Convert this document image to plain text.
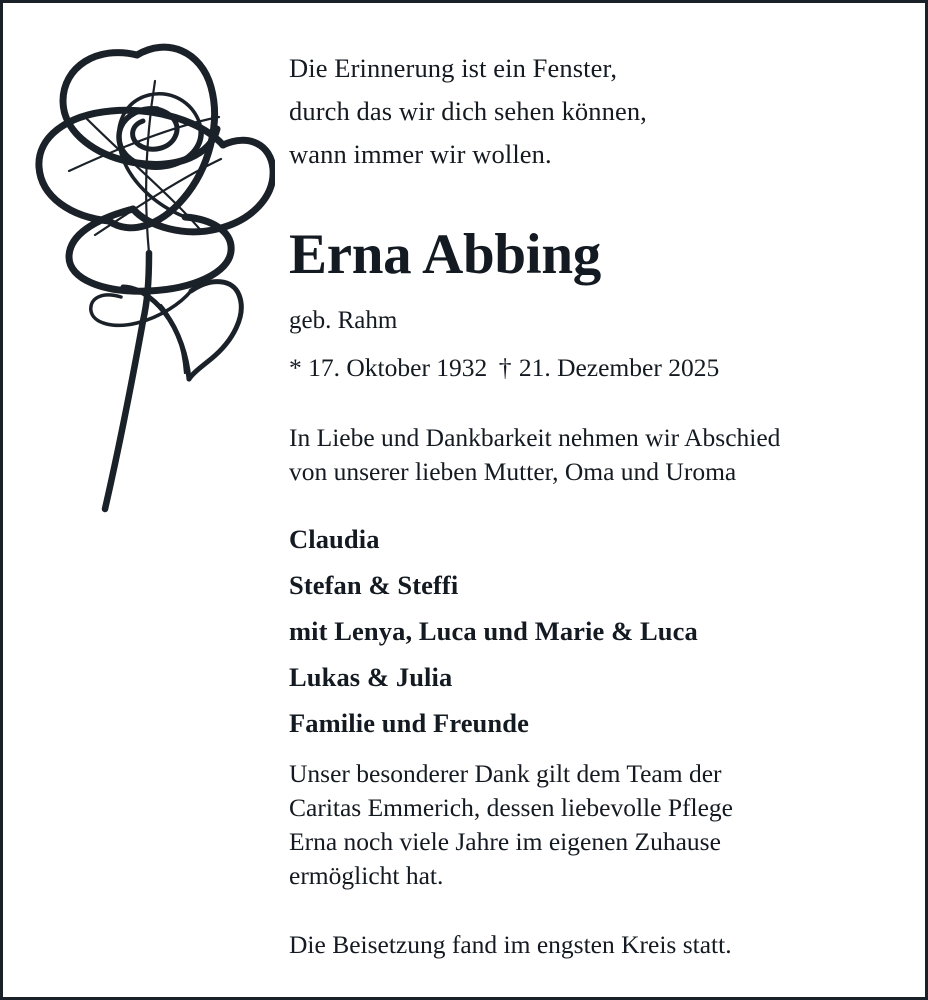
Die Erinnerung ist ein Fenster,
durch das wir dich sehen können,
wann immer wir wollen.
Erna Abbing
geb. Rahm
* 17. Oktober 1932 † 21. Dezember 2025
In Liebe und Dankbarkeit nehmen wir Abschied
von unserer lieben Mutter, Oma und Uroma
Claudia
Stefan & Steffi
mit Lenya, Luca und Marie & Luca
Lukas & Julia
Familie und Freunde
Unser besonderer Dank gilt dem Team der
Caritas Emmerich, dessen liebevolle Pflege
Erna noch viele Jahre im eigenen Zuhause
ermöglicht hat.
Die Beisetzung fand im engsten Kreis statt.
